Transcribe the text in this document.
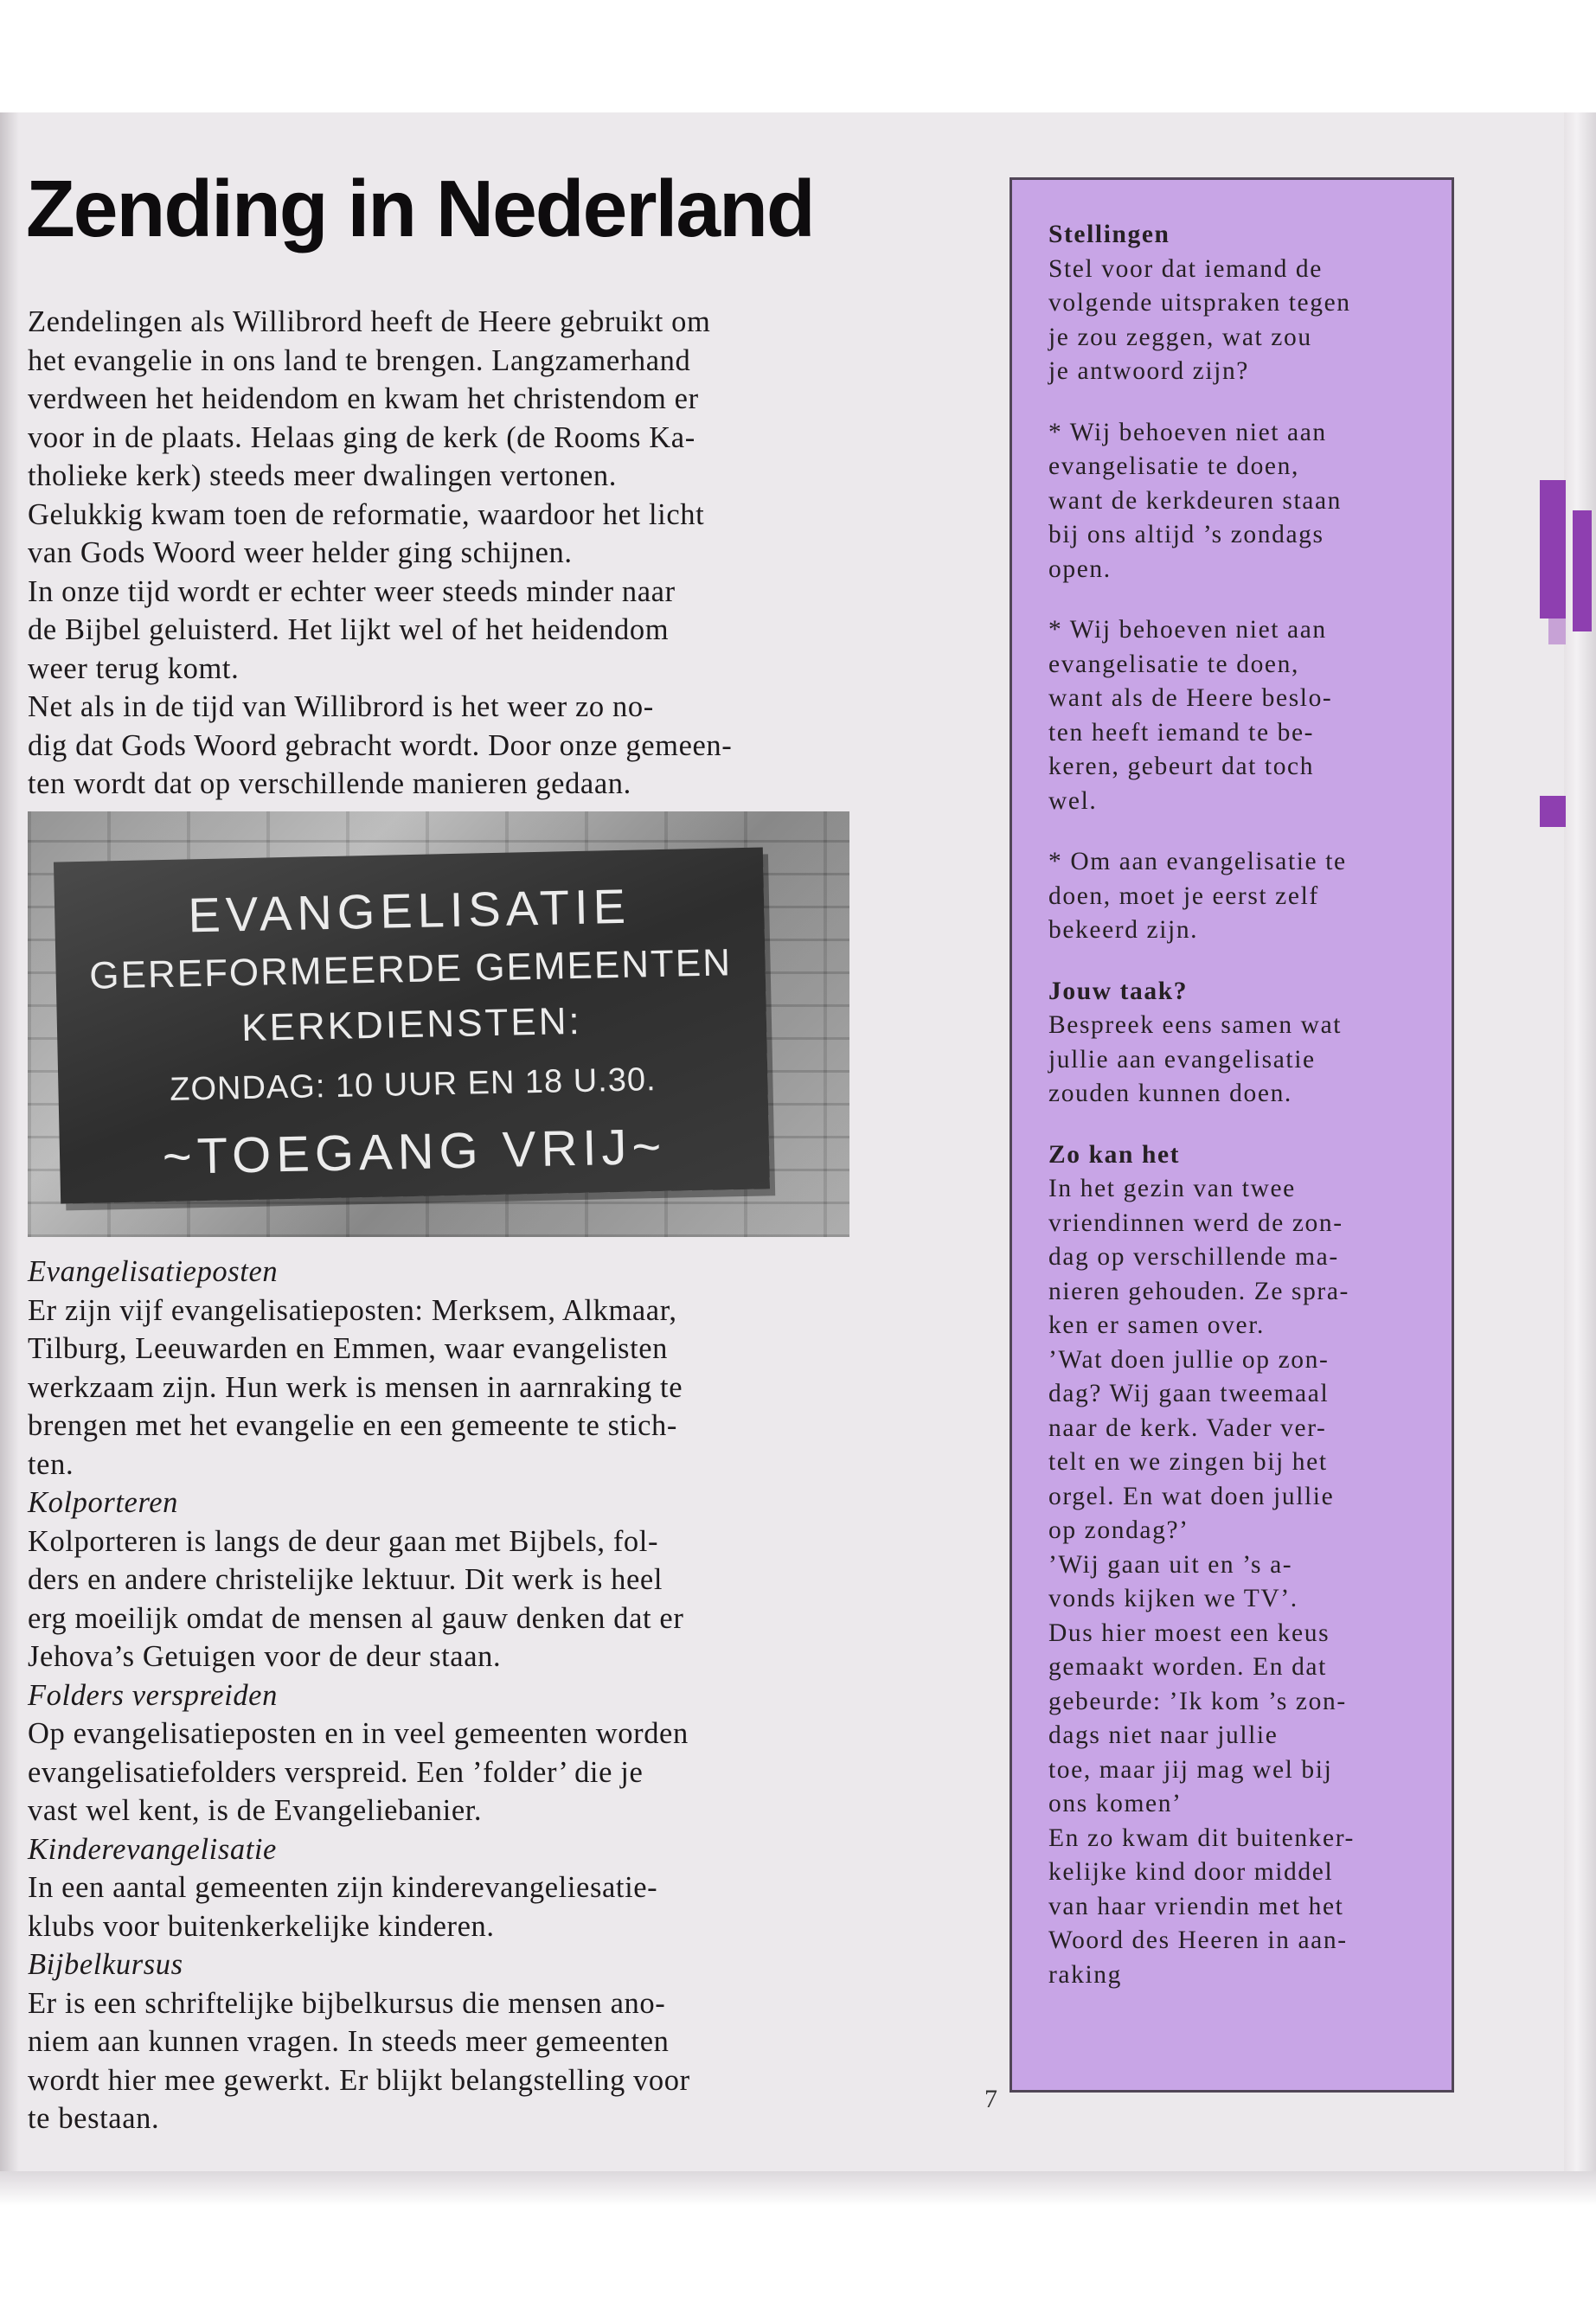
Zending in Nederland

Zendelingen als Willibrord heeft de Heere gebruikt om

het evangelie in ons land te brengen. Langzamerhand

verdween het heidendom en kwam het christendom er

voor in de plaats. Helaas ging de kerk (de Rooms Ka-

tholieke kerk) steeds meer dwalingen vertonen.

Gelukkig kwam toen de reformatie, waardoor het licht

van Gods Woord weer helder ging schijnen.

In onze tijd wordt er echter weer steeds minder naar

de Bijbel geluisterd. Het lijkt wel of het heidendom

weer terug komt.

Net als in de tijd van Willibrord is het weer zo no-

dig dat Gods Woord gebracht wordt. Door onze gemeen-

ten wordt dat op verschillende manieren gedaan.

EVANGELISATIE
GEREFORMEERDE GEMEENTEN
KERKDIENSTEN:
ZONDAG: 10 UUR EN 18 U.30.
~TOEGANG VRIJ~

Evangelisatieposten

Er zijn vijf evangelisatieposten: Merksem, Alkmaar,

Tilburg, Leeuwarden en Emmen, waar evangelisten

werkzaam zijn. Hun werk is mensen in aarnraking te

brengen met het evangelie en een gemeente te stich-

ten.

Kolporteren

Kolporteren is langs de deur gaan met Bijbels, fol-

ders en andere christelijke lektuur. Dit werk is heel

erg moeilijk omdat de mensen al gauw denken dat er

Jehova’s Getuigen voor de deur staan.

Folders verspreiden

Op evangelisatieposten en in veel gemeenten worden

evangelisatiefolders verspreid. Een ’folder’ die je

vast wel kent, is de Evangeliebanier.

Kinderevangelisatie

In een aantal gemeenten zijn kinderevangeliesatie-

klubs voor buitenkerkelijke kinderen.

Bijbelkursus

Er is een schriftelijke bijbelkursus die mensen ano-

niem aan kunnen vragen. In steeds meer gemeenten

wordt hier mee gewerkt. Er blijkt belangstelling voor

te bestaan.

Stellingen

Stel voor dat iemand de

volgende uitspraken tegen

je zou zeggen, wat zou

je antwoord zijn?

* Wij behoeven niet aan

evangelisatie te doen,

want de kerkdeuren staan

bij ons altijd ’s zondags

open.

* Wij behoeven niet aan

evangelisatie te doen,

want als de Heere beslo-

ten heeft iemand te be-

keren, gebeurt dat toch

wel.

* Om aan evangelisatie te

doen, moet je eerst zelf

bekeerd zijn.

Jouw taak?

Bespreek eens samen wat

jullie aan evangelisatie

zouden kunnen doen.

Zo kan het

In het gezin van twee

vriendinnen werd de zon-

dag op verschillende ma-

nieren gehouden. Ze spra-

ken er samen over.

’Wat doen jullie op zon-

dag? Wij gaan tweemaal

naar de kerk. Vader ver-

telt en we zingen bij het

orgel. En wat doen jullie

op zondag?’

’Wij gaan uit en ’s a-

vonds kijken we TV’.

Dus hier moest een keus

gemaakt worden. En dat

gebeurde: ’Ik kom ’s zon-

dags niet naar jullie

toe, maar jij mag wel bij

ons komen’

En zo kwam dit buitenker-

kelijke kind door middel

van haar vriendin met het

Woord des Heeren in aan-

raking

7
